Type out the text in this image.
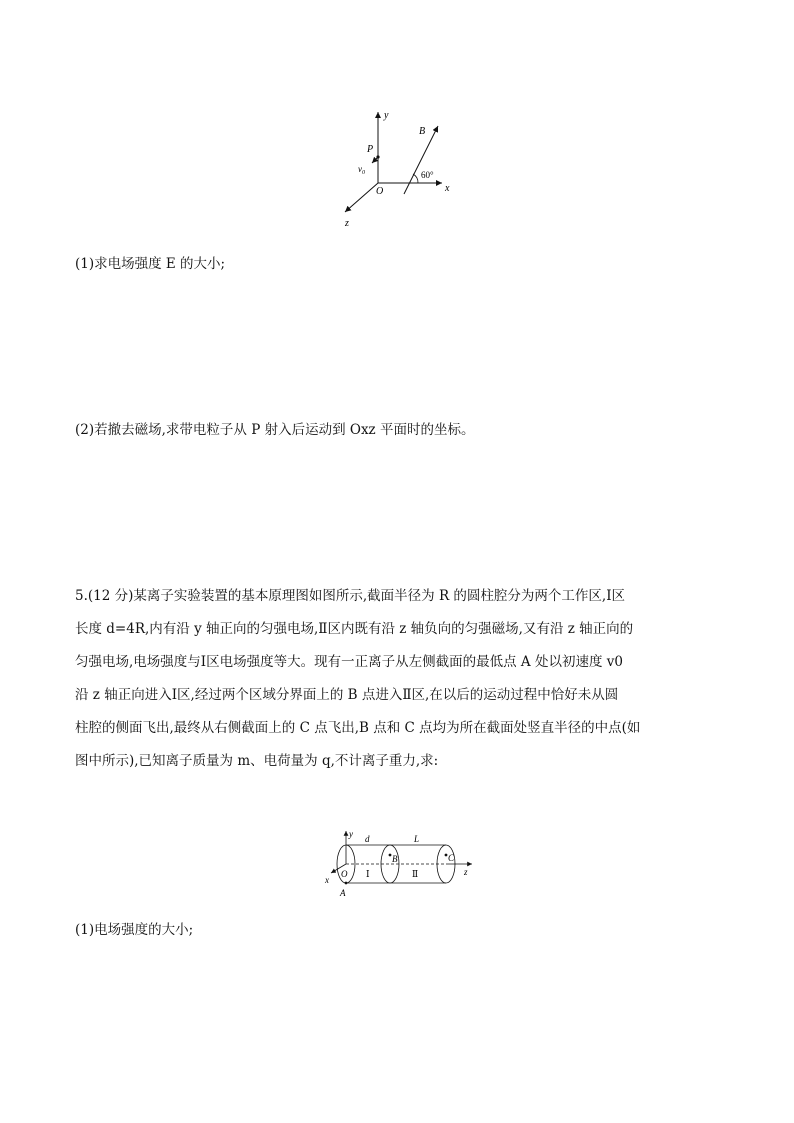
y
x
z
O
P
$v_0$
B
60°
(1)求电场强度 E 的大小;
(2)若撤去磁场,求带电粒子从 P 射入后运动到 Oxz 平面时的坐标。
5.(12 分)某离子实验装置的基本原理图如图所示,截面半径为 R 的圆柱腔分为两个工作区,Ⅰ区
长度 d=4R,内有沿 y 轴正向的匀强电场,Ⅱ区内既有沿 z 轴负向的匀强磁场,又有沿 z 轴正向的
匀强电场,电场强度与Ⅰ区电场强度等大。现有一正离子从左侧截面的最低点 A 处以初速度 v0
沿 z 轴正向进入Ⅰ区,经过两个区域分界面上的 B 点进入Ⅱ区,在以后的运动过程中恰好未从圆
柱腔的侧面飞出,最终从右侧截面上的 C 点飞出,B 点和 C 点均为所在截面处竖直半径的中点(如
图中所示),已知离子质量为 m、电荷量为 q,不计离子重力,求:
z
y
x
O
A
B	C
d	L
Ⅰ	Ⅱ
(1)电场强度的大小;
